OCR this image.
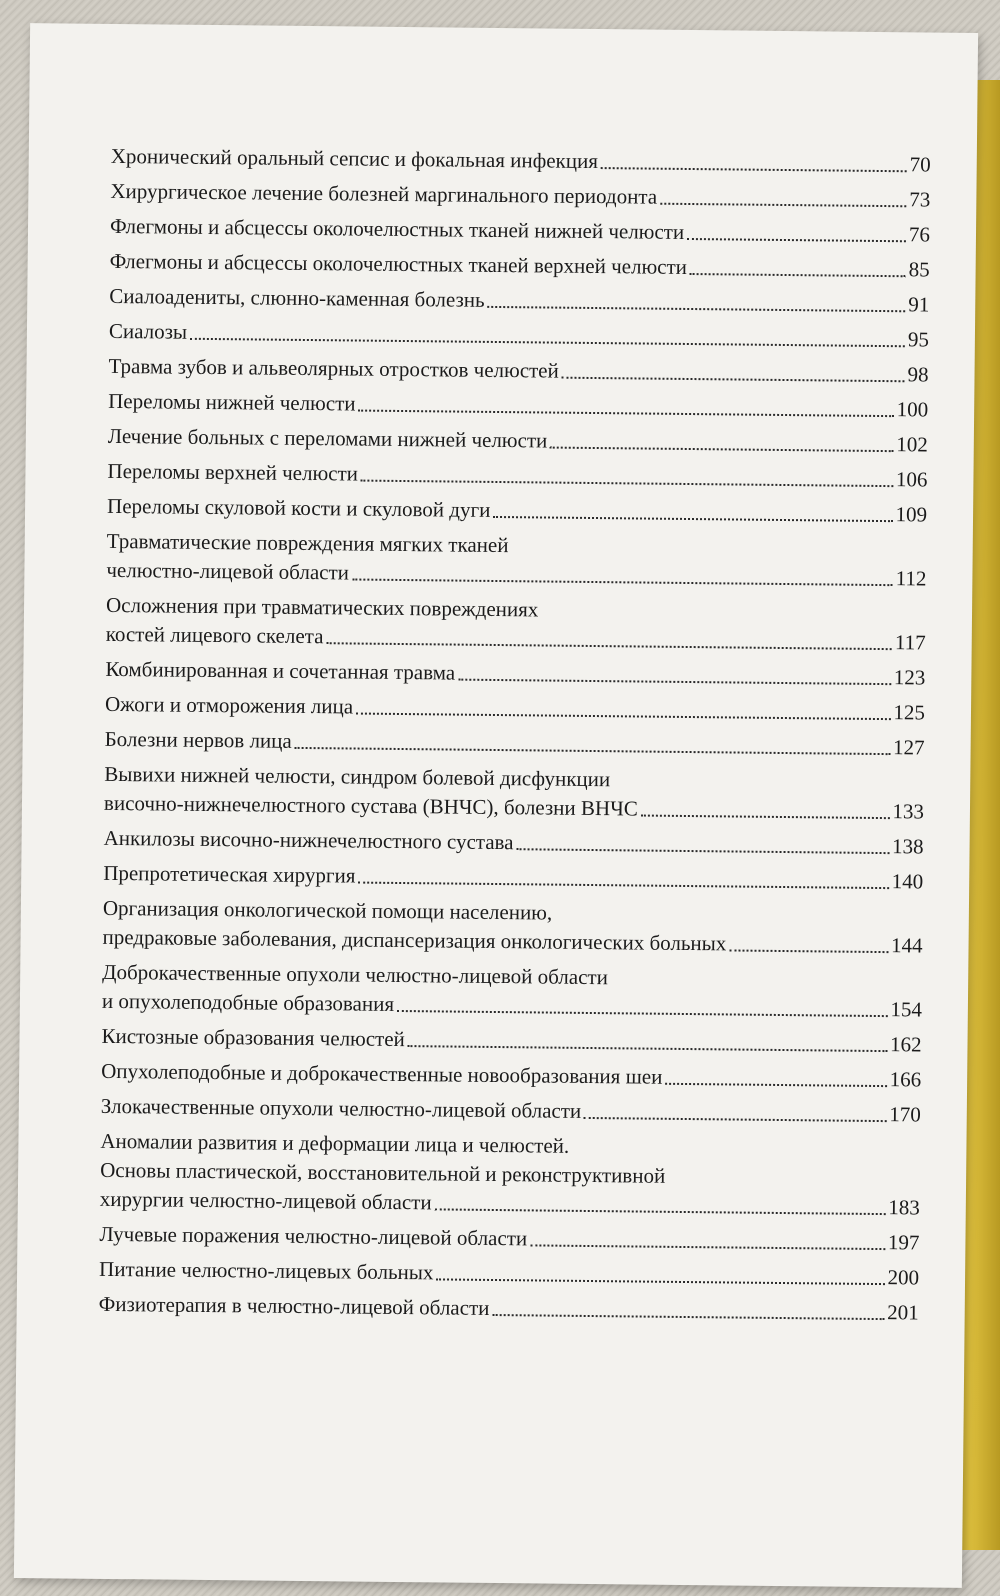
Хронический оральный сепсис и фокальная инфекция	70
Хирургическое лечение болезней маргинального периодонта	73
Флегмоны и абсцессы околочелюстных тканей нижней челюсти	76
Флегмоны и абсцессы околочелюстных тканей верхней челюсти	85
Сиалоадениты, слюнно-каменная болезнь	91
Сиалозы	95
Травма зубов и альвеолярных отростков челюстей	98
Переломы нижней челюсти	100
Лечение больных с переломами нижней челюсти	102
Переломы верхней челюсти	106
Переломы скуловой кости и скуловой дуги	109
Травматические повреждения мягких тканей
челюстно-лицевой области	112
Осложнения при травматических повреждениях
костей лицевого скелета	117
Комбинированная и сочетанная травма	123
Ожоги и отморожения лица	125
Болезни нервов лица	127
Вывихи нижней челюсти, синдром болевой дисфункции
височно-нижнечелюстного сустава (ВНЧС), болезни ВНЧС	133
Анкилозы височно-нижнечелюстного сустава	138
Препротетическая хирургия	140
Организация онкологической помощи населению,
предраковые заболевания, диспансеризация онкологических больных	144
Доброкачественные опухоли челюстно-лицевой области
и опухолеподобные образования	154
Кистозные образования челюстей	162
Опухолеподобные и доброкачественные новообразования шеи	166
Злокачественные опухоли челюстно-лицевой области	170
Аномалии развития и деформации лица и челюстей.
Основы пластической, восстановительной и реконструктивной
хирургии челюстно-лицевой области	183
Лучевые поражения челюстно-лицевой области	197
Питание челюстно-лицевых больных	200
Физиотерапия в челюстно-лицевой области	201
